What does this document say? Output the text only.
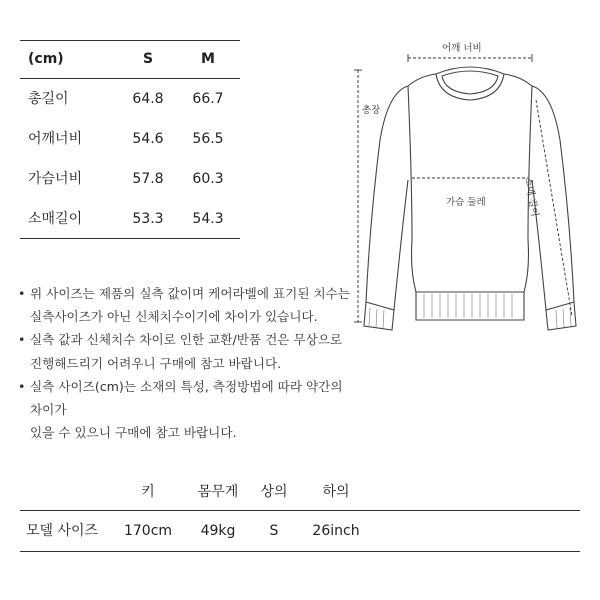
(cm)	S	M
총길이	64.8 66.7
어깨너비	54.6 56.5
가슴너비	57.8 60.3
소매길이	53.3 54.3
어깨 너비
총장
가슴 둘레	소매 길이
• 위 사이즈는 제품의 실측 값이며 케어라벨에 표기된 치수는
실측사이즈가 아닌 신체치수이기에 차이가 있습니다.
• 실측 값과 신체치수 차이로 인한 교환/반품 건은 무상으로
진행해드리기 어려우니 구매에 참고 바랍니다.
• 실측 사이즈(cm)는 소재의 특성, 측정방법에 따라 약간의 차이가
있을 수 있으니 구매에 참고 바랍니다.
키	몸무게 상의 하의
모델 사이즈 170cm 49kg S 26inch
